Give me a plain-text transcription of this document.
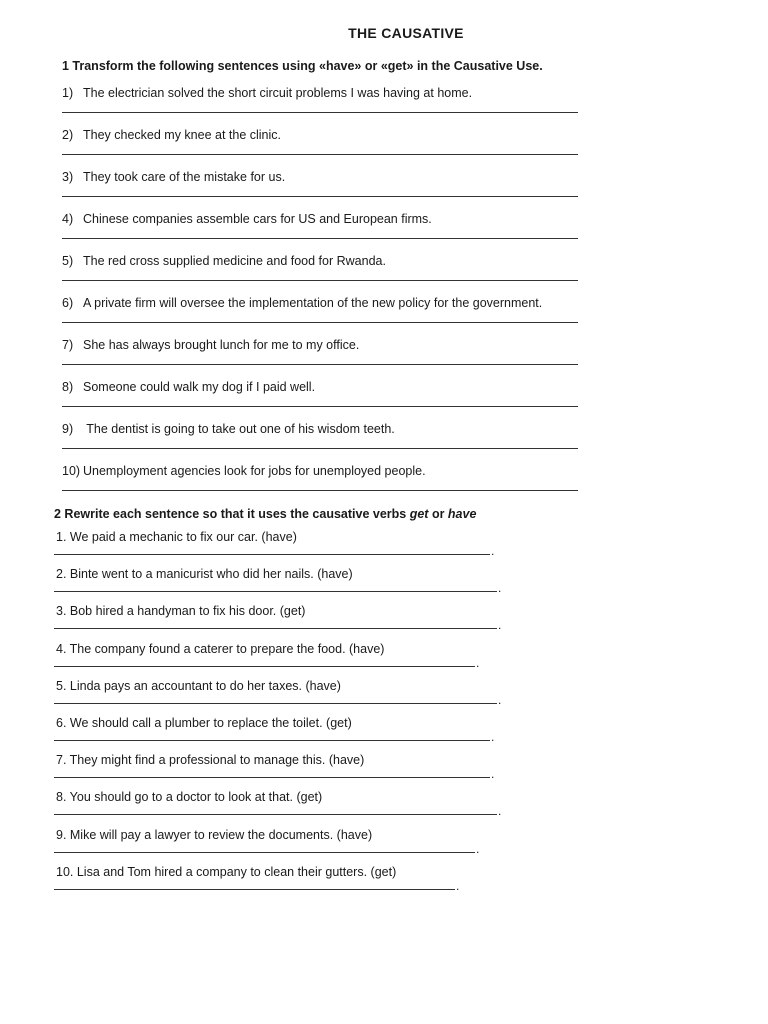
THE CAUSATIVE
1 Transform the following sentences using «have» or «get» in the Causative Use.
1) The electrician solved the short circuit problems I was having at home.
2) They checked my knee at the clinic.
3) They took care of the mistake for us.
4) Chinese companies assemble cars for US and European firms.
5) The red cross supplied medicine and food for Rwanda.
6) A private firm will oversee the implementation of the new policy for the government.
7) She has always brought lunch for me to my office.
8) Someone could walk my dog if I paid well.
9) The dentist is going to take out one of his wisdom teeth.
10) Unemployment agencies look for jobs for unemployed people.
2 Rewrite each sentence so that it uses the causative verbs get or have
1. We paid a mechanic to fix our car. (have)
.
2. Binte went to a manicurist who did her nails. (have)
.
3. Bob hired a handyman to fix his door. (get)
.
4. The company found a caterer to prepare the food. (have)
.
5. Linda pays an accountant to do her taxes. (have)
.
6. We should call a plumber to replace the toilet. (get)
.
7. They might find a professional to manage this. (have)
.
8. You should go to a doctor to look at that. (get)
.
9. Mike will pay a lawyer to review the documents. (have)
.
10. Lisa and Tom hired a company to clean their gutters. (get)
.
